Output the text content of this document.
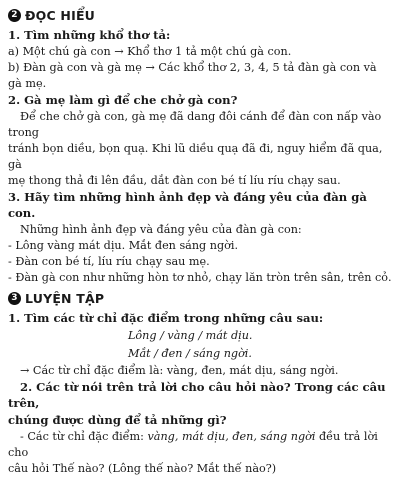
2 ĐỌC HIỂU
1. Tìm những khổ thơ tả:
a) Một chú gà con → Khổ thơ 1 tả một chú gà con.
b) Đàn gà con và gà mẹ → Các khổ thơ 2, 3, 4, 5 tả đàn gà con và gà mẹ.
2. Gà mẹ làm gì để che chở gà con?
Để che chở gà con, gà mẹ đã dang đôi cánh để đàn con nấp vào trong
tránh bọn diều, bọn quạ. Khi lũ diều quạ đã đi, nguy hiểm đã qua, gà
mẹ thong thả đi lên đầu, dắt đàn con bé tí líu ríu chạy sau.
3. Hãy tìm những hình ảnh đẹp và đáng yêu của đàn gà con.
Những hình ảnh đẹp và đáng yêu của đàn gà con:
- Lông vàng mát dịu. Mắt đen sáng ngời.
- Đàn con bé tí, líu ríu chạy sau mẹ.
- Đàn gà con như những hòn tơ nhỏ, chạy lăn tròn trên sân, trên cỏ.
3 LUYỆN TẬP
1. Tìm các từ chỉ đặc điểm trong những câu sau:
Lông / vàng / mát dịu.
Mắt / đen / sáng ngời.
→ Các từ chỉ đặc điểm là: vàng, đen, mát dịu, sáng ngời.
2. Các từ nói trên trả lời cho câu hỏi nào? Trong các câu trên,
chúng được dùng để tả những gì?
- Các từ chỉ đặc điểm: vàng, mát dịu, đen, sáng ngời đều trả lời cho
câu hỏi Thế nào? (Lông thế nào? Mắt thế nào?)
